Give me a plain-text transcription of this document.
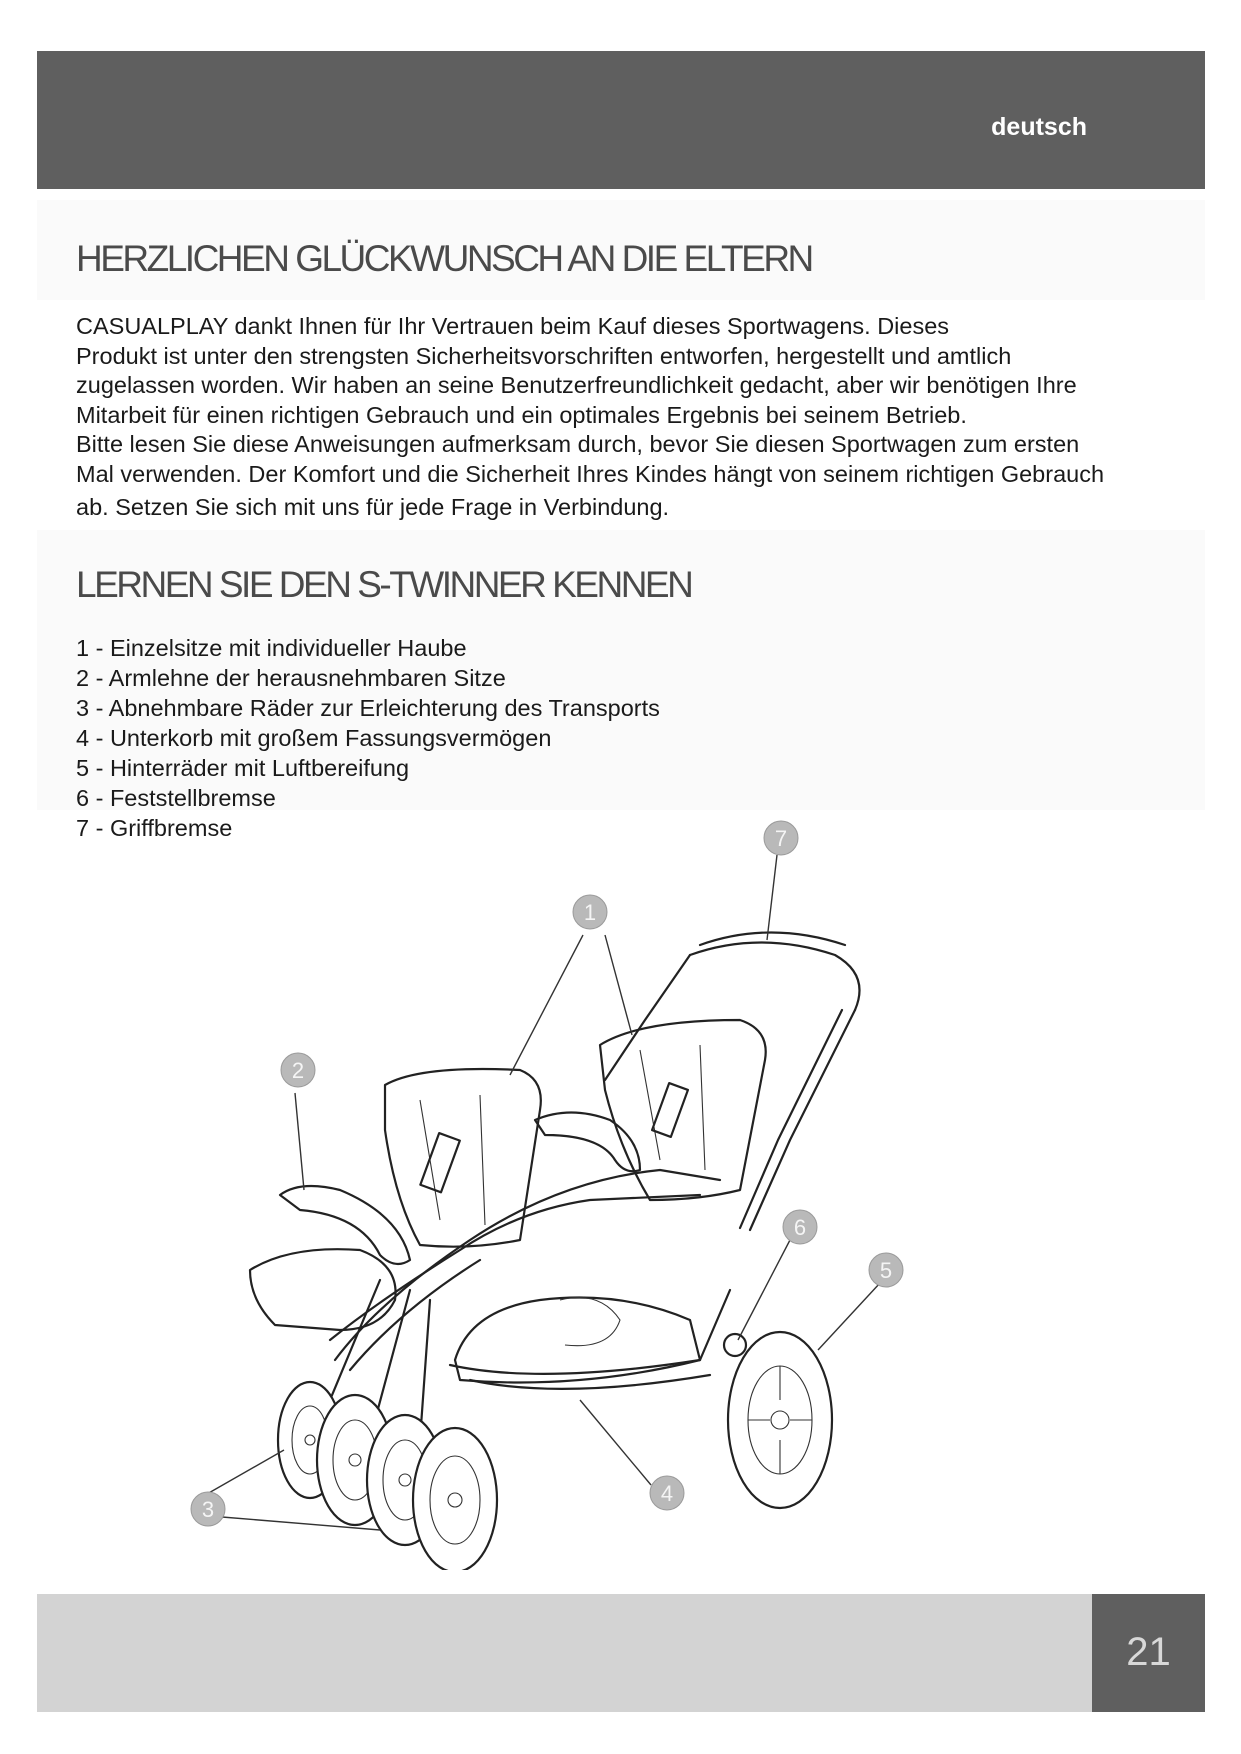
deutsch
HERZLICHEN GLÜCKWUNSCH AN DIE ELTERN

CASUALPLAY dankt Ihnen für Ihr Vertrauen beim Kauf dieses Sportwagens. Dieses

Produkt ist unter den strengsten Sicherheitsvorschriften entworfen, hergestellt und amtlich

zugelassen worden. Wir haben an seine Benutzerfreundlichkeit gedacht, aber wir benötigen Ihre

Mitarbeit für einen richtigen Gebrauch und ein optimales Ergebnis bei seinem Betrieb.

Bitte lesen Sie diese Anweisungen aufmerksam durch, bevor Sie diesen Sportwagen zum ersten

Mal verwenden. Der Komfort und die Sicherheit Ihres Kindes hängt von seinem richtigen Gebrauch

ab. Setzen Sie sich mit uns für jede Frage in Verbindung.

LERNEN SIE DEN S-TWINNER KENNEN
1 - Einzelsitze mit individueller Haube
2 - Armlehne der herausnehmbaren Sitze
3 - Abnehmbare Räder zur Erleichterung des Transports
4 - Unterkorb mit großem Fassungsvermögen
5 - Hinterräder mit Luftbereifung
6 - Feststellbremse
7 - Griffbremse
1
2
3
4
5
6
7
21
